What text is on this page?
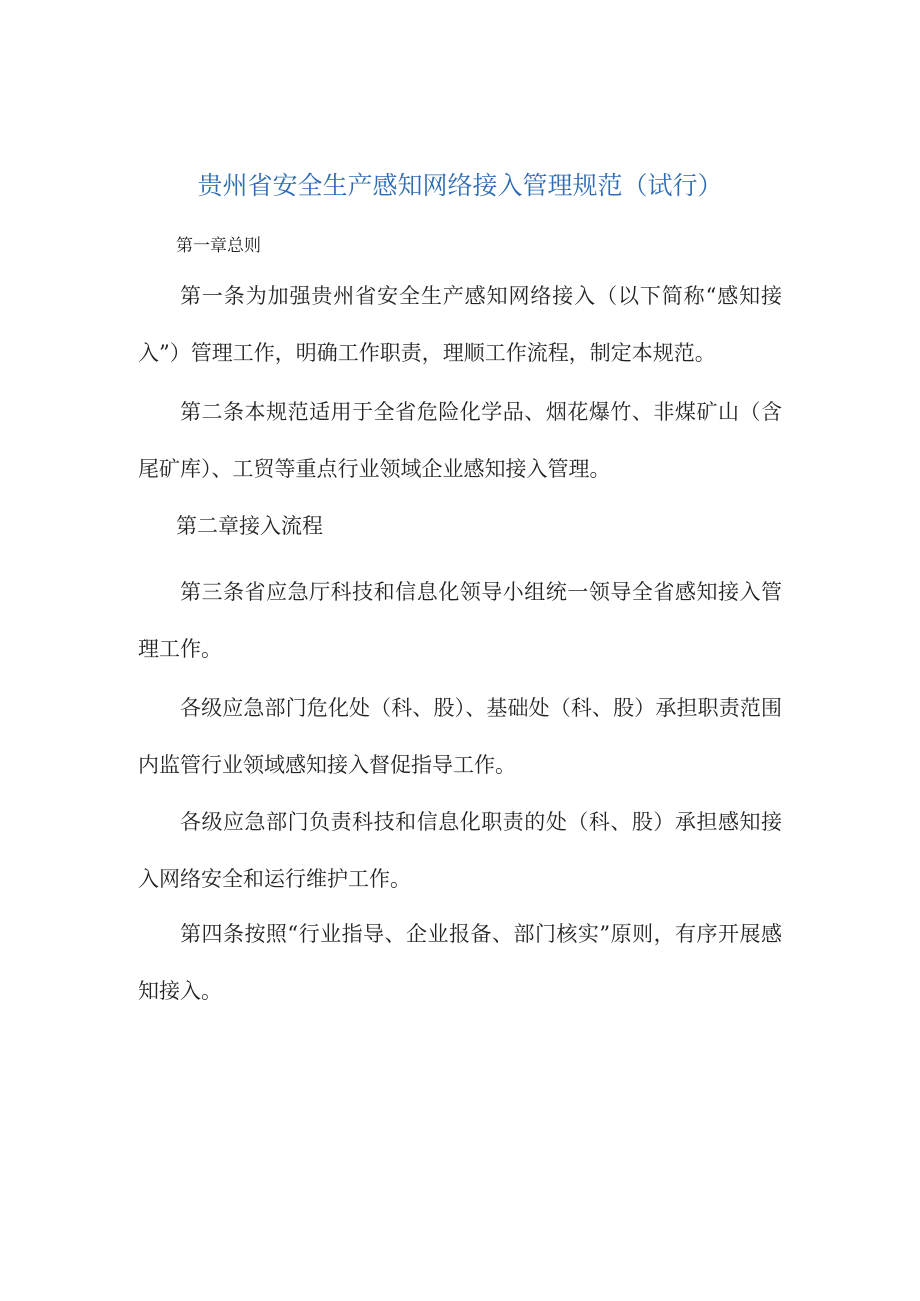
贵州省安全生产感知网络接入管理规范（试行）
第一章总则

第一条为加强贵州省安全生产感知网络接入（以下简称“感知接入”）管理工作，明确工作职责，理顺工作流程，制定本规范。

第二条本规范适用于全省危险化学品、烟花爆竹、非煤矿山（含尾矿库）、工贸等重点行业领域企业感知接入管理。

第二章接入流程

第三条省应急厅科技和信息化领导小组统一领导全省感知接入管理工作。

各级应急部门危化处（科、股）、基础处（科、股）承担职责范围内监管行业领域感知接入督促指导工作。

各级应急部门负责科技和信息化职责的处（科、股）承担感知接入网络安全和运行维护工作。

第四条按照“行业指导、企业报备、部门核实”原则，有序开展感知接入。
